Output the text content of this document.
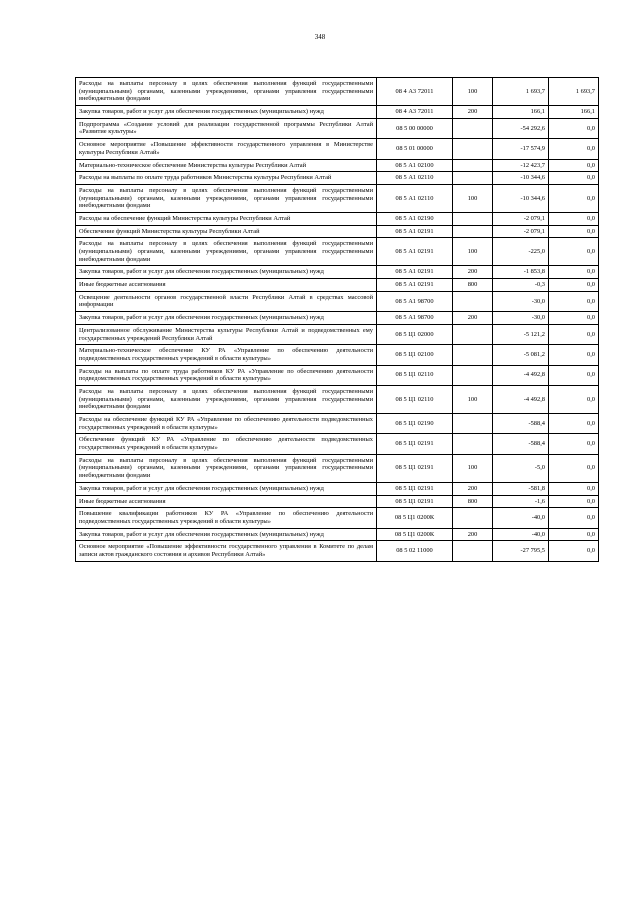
348
Расходы на выплаты персоналу в целях обеспечения выполнения функций государственными (муниципальными) органами, казенными учреждениями, органами управления государственными внебюджетными фондами	08 4 А3 72011	100	1 693,7	1 693,7
Закупка товаров, работ и услуг для обеспечения государственных (муниципальных) нужд	08 4 А3 72011	200	166,1	166,1
Подпрограмма «Создание условий для реализации государственной программы Республики Алтай «Развитие культуры»	08 5 00 00000		-54 292,6	0,0
Основное мероприятие «Повышение эффективности государственного управления в Министерстве культуры Республики Алтай»	08 5 01 00000		-17 574,9	0,0
Материально-техническое обеспечение Министерства культуры Республики Алтай	08 5 А1 02100		-12 423,7	0,0
Расходы на выплаты по оплате труда работников Министерства культуры Республики Алтай	08 5 А1 02110		-10 344,6	0,0
Расходы на выплаты персоналу в целях обеспечения выполнения функций государственными (муниципальными) органами, казенными учреждениями, органами управления государственными внебюджетными фондами	08 5 А1 02110	100	-10 344,6	0,0
Расходы на обеспечение функций Министерства культуры Республики Алтай	08 5 А1 02190		-2 079,1	0,0
Обеспечение функций Министерства культуры Республики Алтай	08 5 А1 02191		-2 079,1	0,0
Расходы на выплаты персоналу в целях обеспечения выполнения функций государственными (муниципальными) органами, казенными учреждениями, органами управления государственными внебюджетными фондами	08 5 А1 02191	100	-225,0	0,0
Закупка товаров, работ и услуг для обеспечения государственных (муниципальных) нужд	08 5 А1 02191	200	-1 853,8	0,0
Иные бюджетные ассигнования	08 5 А1 02191	800	-0,3	0,0
Освещение деятельности органов государственной власти Республики Алтай в средствах массовой информации	08 5 А1 98700		-30,0	0,0
Закупка товаров, работ и услуг для обеспечения государственных (муниципальных) нужд	08 5 А1 98700	200	-30,0	0,0
Централизованное обслуживание Министерства культуры Республики Алтай и подведомственных ему государственных учреждений Республики Алтай	08 5 Ц1 02000		-5 121,2	0,0
Материально-техническое обеспечение КУ РА «Управление по обеспечению деятельности подведомственных государственных учреждений в области культуры»	08 5 Ц1 02100		-5 081,2	0,0
Расходы на выплаты по оплате труда работников КУ РА «Управление по обеспечению деятельности подведомственных государственных учреждений в области культуры»	08 5 Ц1 02110		-4 492,8	0,0
Расходы на выплаты персоналу в целях обеспечения выполнения функций государственными (муниципальными) органами, казенными учреждениями, органами управления государственными внебюджетными фондами	08 5 Ц1 02110	100	-4 492,8	0,0
Расходы на обеспечение функций КУ РА «Управление по обеспечению деятельности подведомственных государственных учреждений в области культуры»	08 5 Ц1 02190		-588,4	0,0
Обеспечение функций КУ РА «Управление по обеспечению деятельности подведомственных государственных учреждений в области культуры»	08 5 Ц1 02191		-588,4	0,0
Расходы на выплаты персоналу в целях обеспечения выполнения функций государственными (муниципальными) органами, казенными учреждениями, органами управления государственными внебюджетными фондами	08 5 Ц1 02191	100	-5,0	0,0
Закупка товаров, работ и услуг для обеспечения государственных (муниципальных) нужд	08 5 Ц1 02191	200	-581,8	0,0
Иные бюджетные ассигнования	08 5 Ц1 02191	800	-1,6	0,0
Повышение квалификации работников КУ РА «Управление по обеспечению деятельности подведомственных государственных учреждений в области культуры»	08 5 Ц1 0200К		-40,0	0,0
Закупка товаров, работ и услуг для обеспечения государственных (муниципальных) нужд	08 5 Ц1 0200К	200	-40,0	0,0
Основное мероприятие «Повышение эффективности государственного управления в Комитете по делам записи актов гражданского состояния и архивов Республики Алтай»	08 5 02 11000		-27 795,5	0,0
